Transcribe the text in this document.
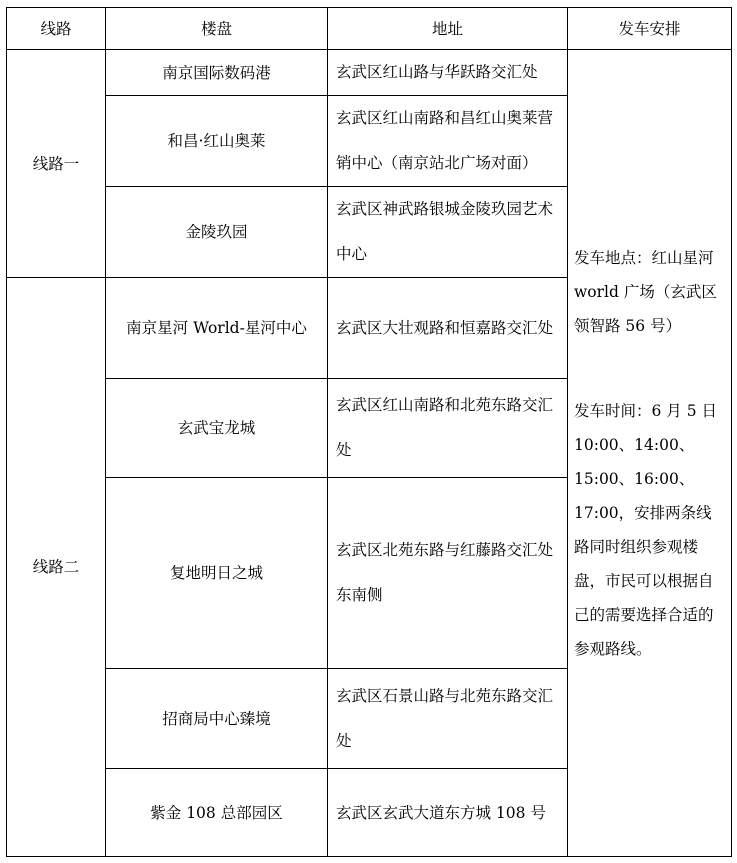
线路	楼盘	地址	发车安排
线路一	南京国际数码港	玄武区红山路与华跃路交汇处	发车地点：红山星河 world 广场（玄武区领智路 56 号）
发车时间：6 月 5 日 10:00、14:00、15:00、16:00、17:00，安排两条线路同时组织参观楼盘，市民可以根据自己的需要选择合适的参观路线。

	和昌·红山奥莱	玄武区红山南路和昌红山奥莱营销中心（南京站北广场对面）	
	金陵玖园	玄武区神武路银城金陵玖园艺术中心	
线路二	南京星河 World-星河中心	玄武区大壮观路和恒嘉路交汇处	
	玄武宝龙城	玄武区红山南路和北苑东路交汇处	
	复地明日之城	玄武区北苑东路与红藤路交汇处东南侧	
	招商局中心臻境	玄武区石景山路与北苑东路交汇处	
	紫金 108 总部园区	玄武区玄武大道东方城 108 号	
